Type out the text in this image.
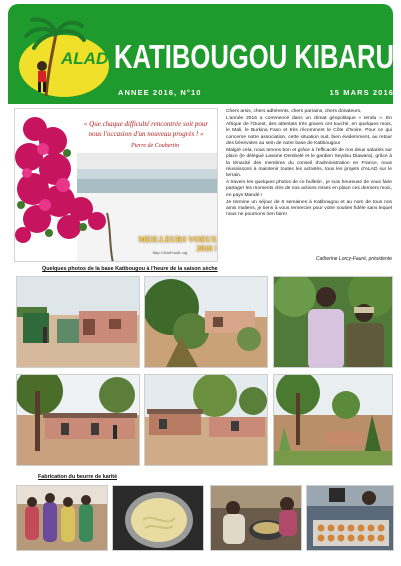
ALAD KATIBOUGOU KIBARU
ANNEE 2016, N°10	15 MARS 2016
« Que chaque difficulté rencontrée soit pour nous l'occasion d'un nouveau progrès ! »
Pierre de Coubertin
MEILLEURS VOEUX 2016 !
http://alad-mali.org

Chers amis, chers adhérents, chers parrains, chers donateurs,

L'année 2016 a commencé dans un climat géopolitique « tendu ». En Afrique de l'Ouest, des attentats très graves ont touché, en quelques mois, le Mali, le Burkina Faso et très récemment le Côte d'Ivoire. Pour ce qui concerne notre association, cette situation nuit, bien évidemment, au retour des bénévoles au sein de notre base de Katibougou!

Malgré cela, nous tenons bon et grâce à l'efficacité de nos deux salariés sur place (le délégué Lassine Dembelé et le gardien Seydou Diawara), grâce à la ténacité des membres du conseil d'administration en France, nous réussissons à maintenir toutes les activités, tous les projets d'ALAD sur le terrain.

A travers les quelques photos de ce bulletin , je suis heureuse de vous faire partager les moments clés de nos actions mises en place ces derniers mois, en pays Mandé !

Je termine un séjour de 6 semaines à Katibougou et au nom de tous nos amis maliens, je tiens à vous remercier pour votre soutien fidèle sans lequel nous ne pourrions rien faire!

Catherine Lorcy-Fauré, présidente
Quelques photos de la base Katibougou à l'heure de la saison sèche
Fabrication du beurre de karité
